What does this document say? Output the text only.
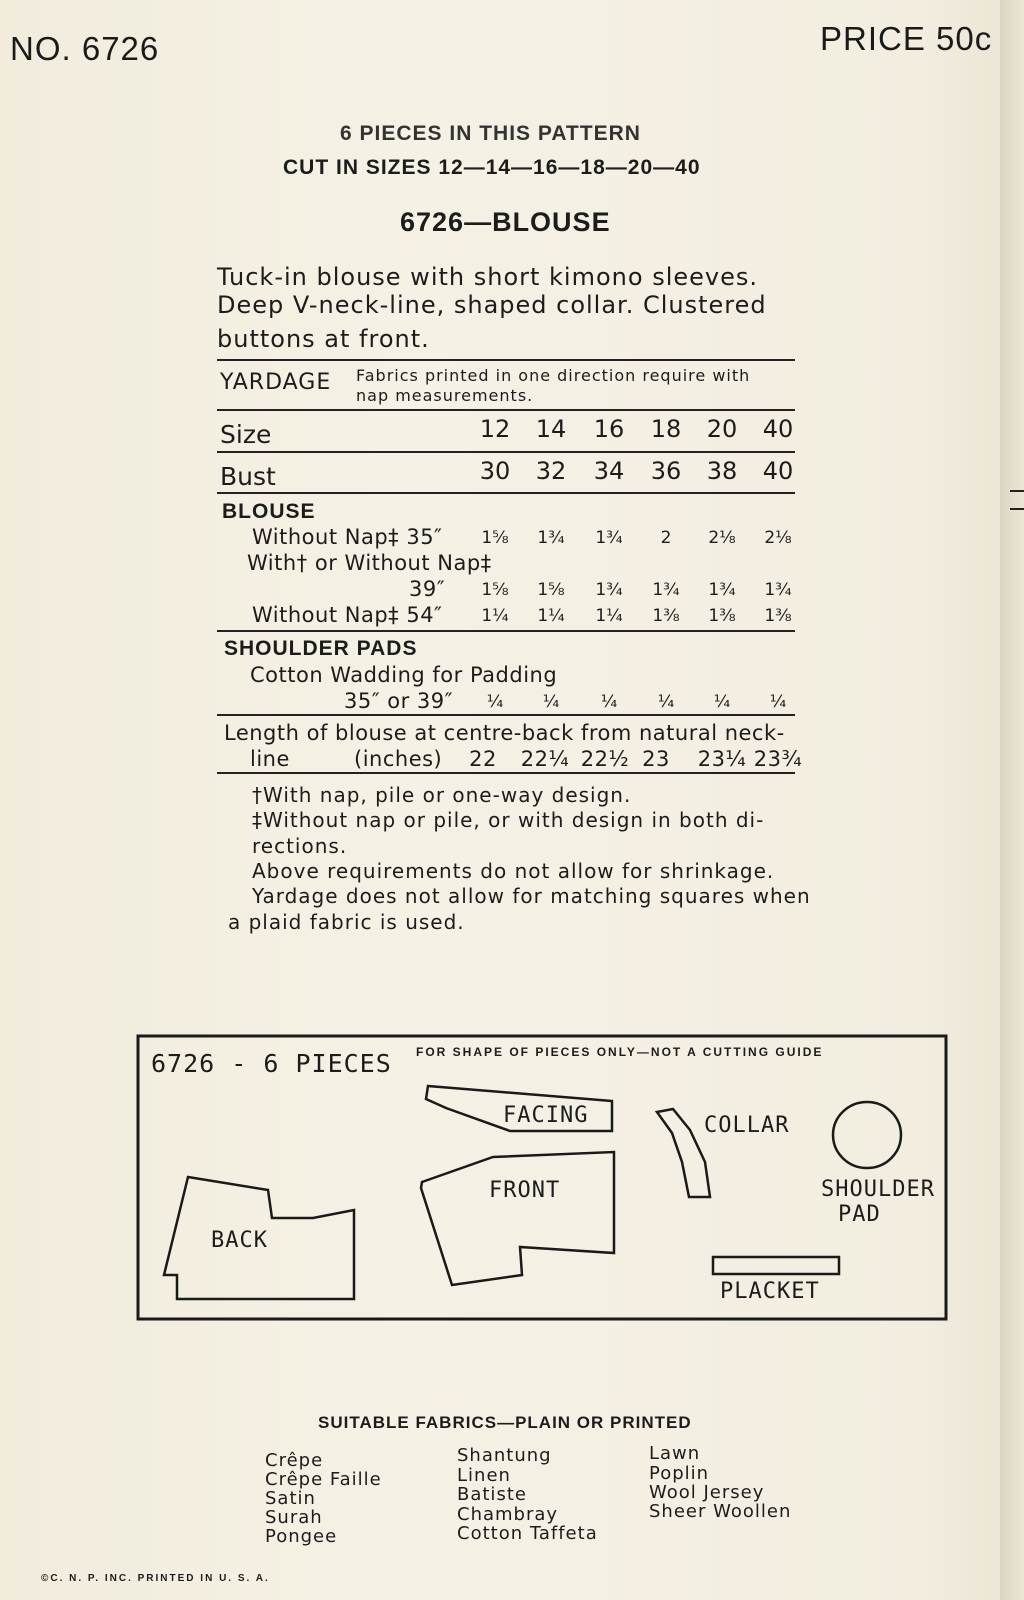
NO. 6726	PRICE 50c
6 PIECES IN THIS PATTERN
CUT IN SIZES 12—14—16—18—20—40
6726—BLOUSE
Tuck-in blouse with short kimono sleeves.
Deep V-neck-line, shaped collar. Clustered
buttons at front.
YARDAGE Fabrics printed in one direction require with
nap measurements.
Size	12	14	16	18	20	40
Bust	30	32	34	36	38	40
BLOUSE
Without Nap‡ 35″	1⅝	1¾	1¾	2	2⅛	2⅛
With† or Without Nap‡
39″	1⅝	1⅝	1¾	1¾	1¾	1¾
Without Nap‡ 54″	1¼	1¼	1¼	1⅜	1⅜	1⅜
SHOULDER PADS
Cotton Wadding for Padding
35″ or 39″	¼	¼	¼	¼	¼	¼
Length of blouse at centre-back from natural neck-
line	(inches)	22	22¼ 22½ 23	23¼ 23¾
†With nap, pile or one-way design.
‡Without nap or pile, or with design in both di-
rections.
Above requirements do not allow for shrinkage.
Yardage does not allow for matching squares when
a plaid fabric is used.
6726 - 6 PIECES FOR SHAPE OF PIECES ONLY—NOT A CUTTING GUIDE
FACING	COLLAR
FRONT
BACK
SHOULDER
PAD
PLACKET
SUITABLE FABRICS—PLAIN OR PRINTED
Crêpe
Crêpe Faille
Satin
Surah
Pongee
Shantung
Linen
Batiste
Chambray
Cotton Taffeta
Lawn
Poplin
Wool Jersey
Sheer Woollen
©C. N. P. INC. PRINTED IN U. S. A.
